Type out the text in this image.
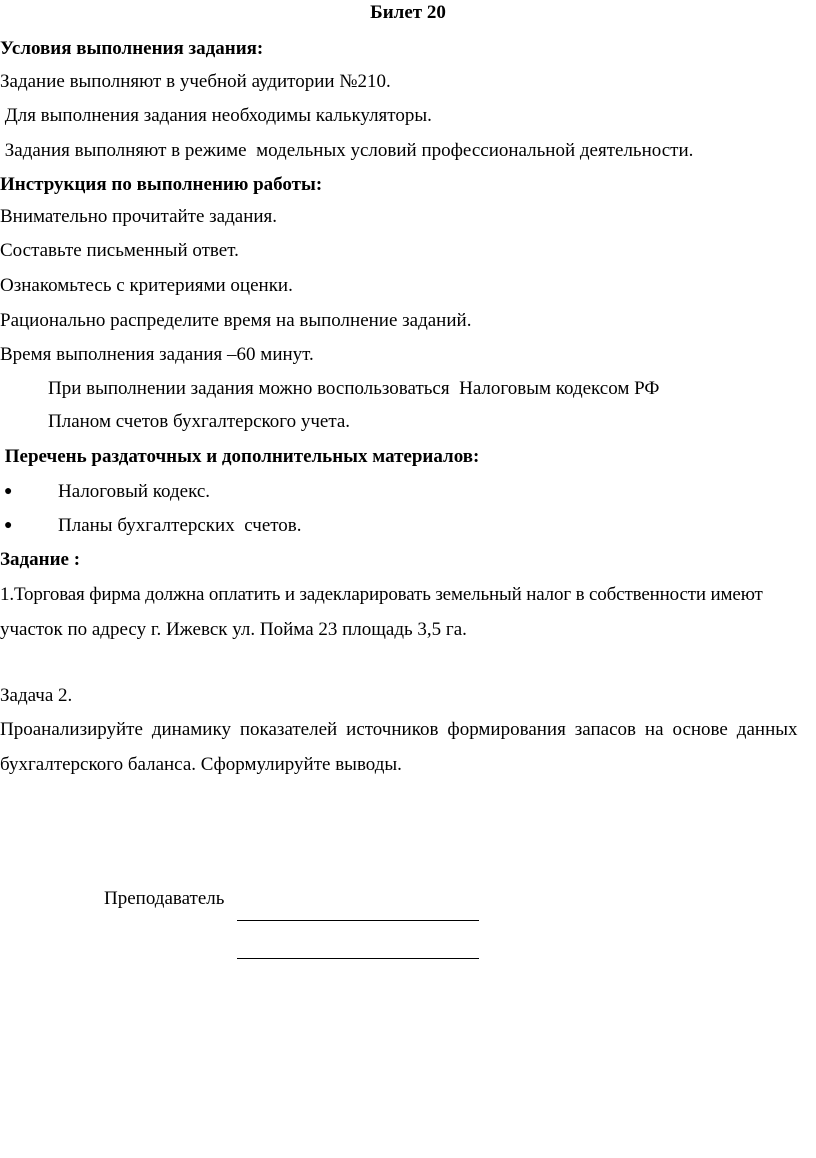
Билет 20
Условия выполнения задания:
Задание выполняют в учебной аудитории №210.
Для выполнения задания необходимы калькуляторы.
Задания выполняют в режиме  модельных условий профессиональной деятельности.
Инструкция по выполнению работы:
Внимательно прочитайте задания.
Составьте письменный ответ.
Ознакомьтесь с критериями оценки.
Рационально распределите время на выполнение заданий.
Время выполнения задания –60 минут.
При выполнении задания можно воспользоваться  Налоговым кодексом РФ
Планом счетов бухгалтерского учета.
Перечень раздаточных и дополнительных материалов:
● Налоговый кодекс.
● Планы бухгалтерских  счетов.
Задание :
1.Торговая фирма должна оплатить и задекларировать земельный налог в собственности имеют
участок по адресу г. Ижевск ул. Пойма 23 площадь 3,5 га.
Задача 2.
Проанализируйте динамику показателей источников формирования запасов на основе данных
бухгалтерского баланса. Сформулируйте выводы.
Преподаватель
